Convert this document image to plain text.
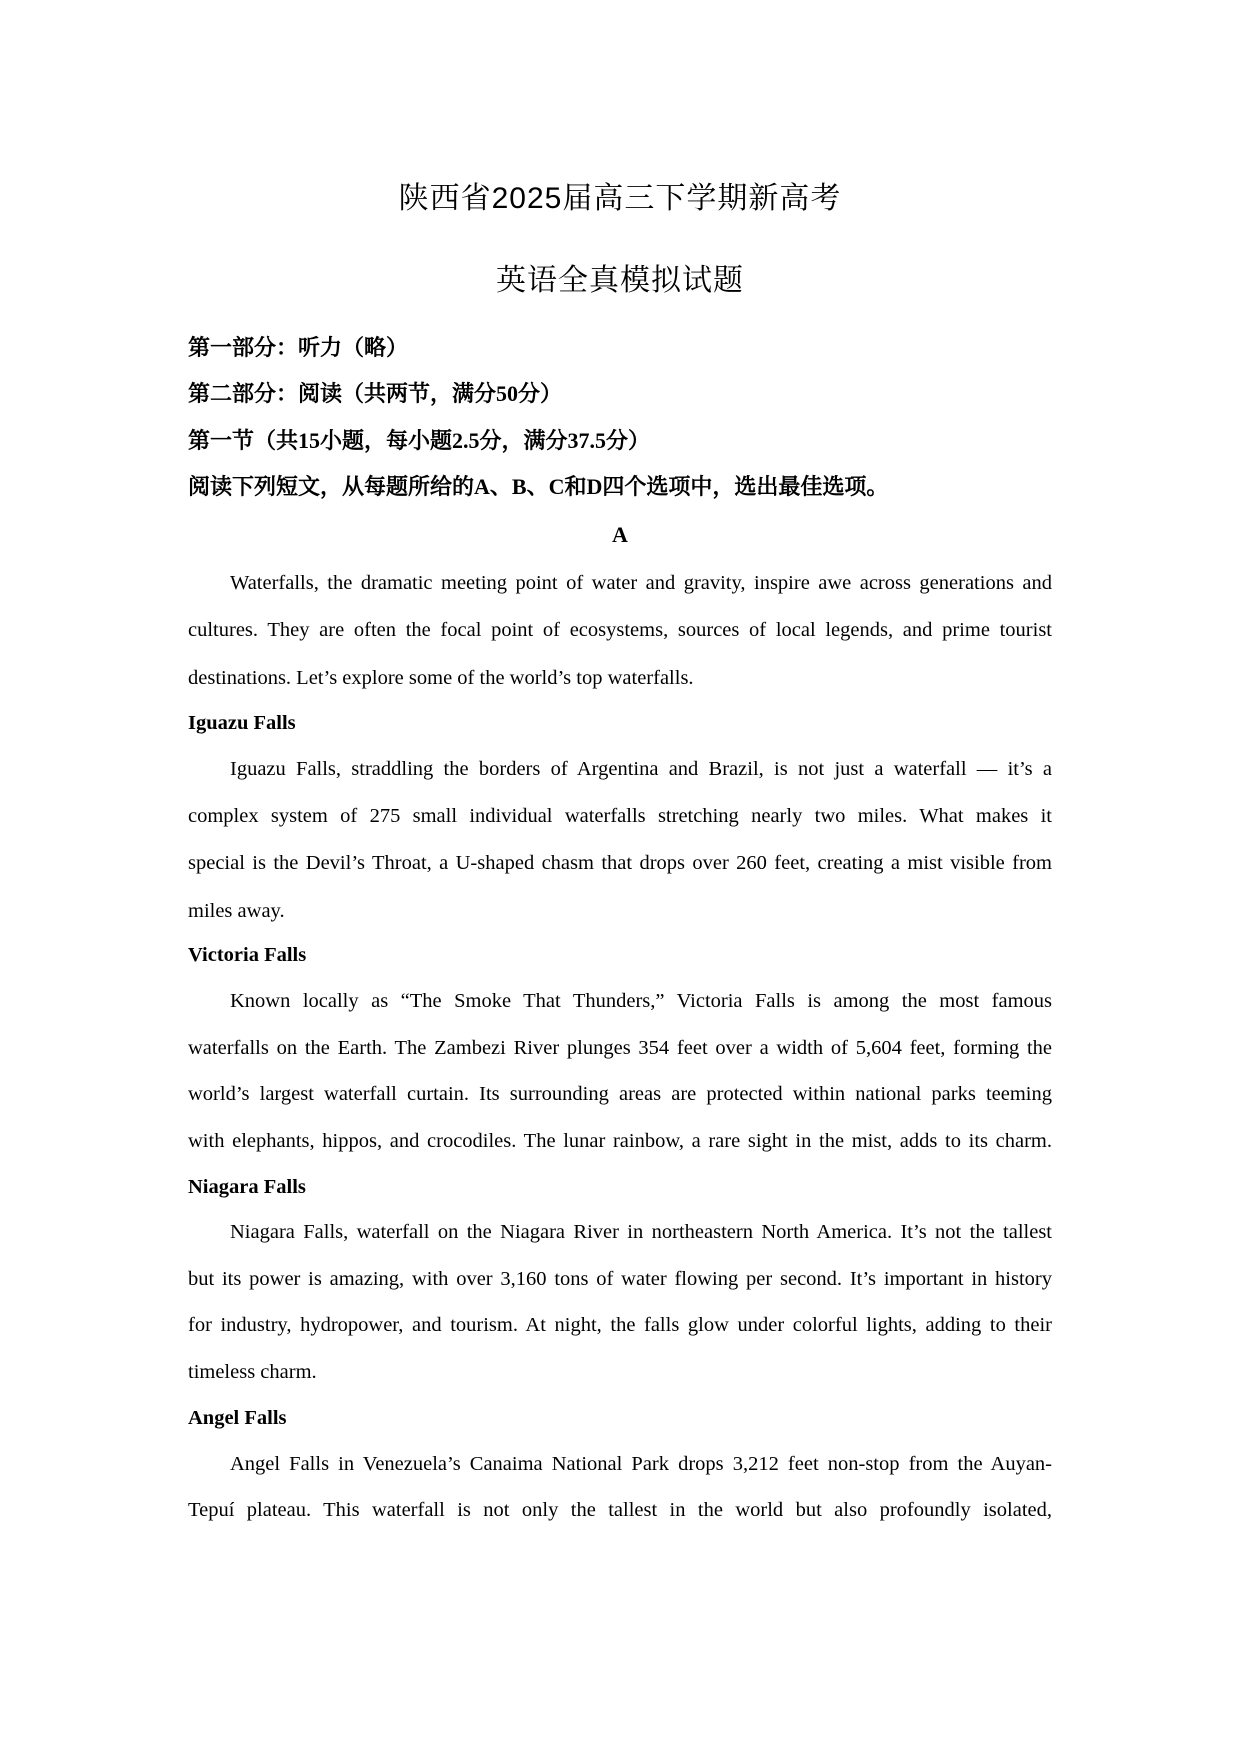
陕西省2025届高三下学期新高考
英语全真模拟试题

第一部分：听力（略）

第二部分：阅读（共两节，满分50分）

第一节（共15小题，每小题2.5分，满分37.5分）

阅读下列短文，从每题所给的A、B、C和D四个选项中，选出最佳选项。

A

Waterfalls, the dramatic meeting point of water and gravity, inspire awe across generations and

cultures. They are often the focal point of ecosystems, sources of local legends, and prime tourist

destinations. Let’s explore some of the world’s top waterfalls.

Iguazu Falls

Iguazu Falls, straddling the borders of Argentina and Brazil, is not just a waterfall — it’s a

complex system of 275 small individual waterfalls stretching nearly two miles. What makes it

special is the Devil’s Throat, a U-shaped chasm that drops over 260 feet, creating a mist visible from

miles away.

Victoria Falls

Known locally as “The Smoke That Thunders,” Victoria Falls is among the most famous

waterfalls on the Earth. The Zambezi River plunges 354 feet over a width of 5,604 feet, forming the

world’s largest waterfall curtain. Its surrounding areas are protected within national parks teeming

with elephants, hippos, and crocodiles. The lunar rainbow, a rare sight in the mist, adds to its charm.

Niagara Falls

Niagara Falls, waterfall on the Niagara River in northeastern North America. It’s not the tallest

but its power is amazing, with over 3,160 tons of water flowing per second. It’s important in history

for industry, hydropower, and tourism. At night, the falls glow under colorful lights, adding to their

timeless charm.

Angel Falls

Angel Falls in Venezuela’s Canaima National Park drops 3,212 feet non-stop from the Auyan-

Tepuí plateau. This waterfall is not only the tallest in the world but also profoundly isolated,
